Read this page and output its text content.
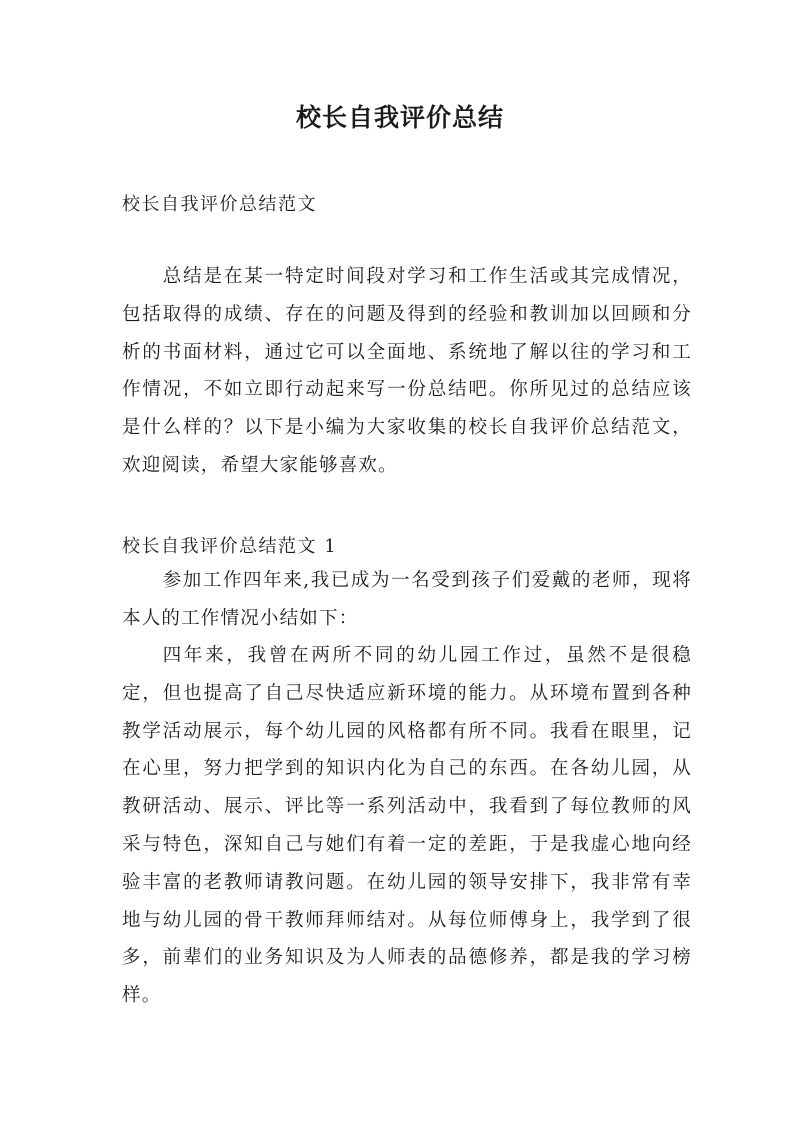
校长自我评价总结

校长自我评价总结范文

总结是在某一特定时间段对学习和工作生活或其完成情况，包括取得的成绩、存在的问题及得到的经验和教训加以回顾和分析的书面材料，通过它可以全面地、系统地了解以往的学习和工作情况，不如立即行动起来写一份总结吧。你所见过的总结应该是什么样的？以下是小编为大家收集的校长自我评价总结范文，欢迎阅读，希望大家能够喜欢。

校长自我评价总结范文 1

参加工作四年来,我已成为一名受到孩子们爱戴的老师，现将本人的工作情况小结如下：

四年来，我曾在两所不同的幼儿园工作过，虽然不是很稳定，但也提高了自己尽快适应新环境的能力。从环境布置到各种教学活动展示，每个幼儿园的风格都有所不同。我看在眼里，记在心里，努力把学到的知识内化为自己的东西。在各幼儿园，从教研活动、展示、评比等一系列活动中，我看到了每位教师的风采与特色，深知自己与她们有着一定的差距，于是我虚心地向经验丰富的老教师请教问题。在幼儿园的领导安排下，我非常有幸地与幼儿园的骨干教师拜师结对。从每位师傅身上，我学到了很多，前辈们的业务知识及为人师表的品德修养，都是我的学习榜样。
